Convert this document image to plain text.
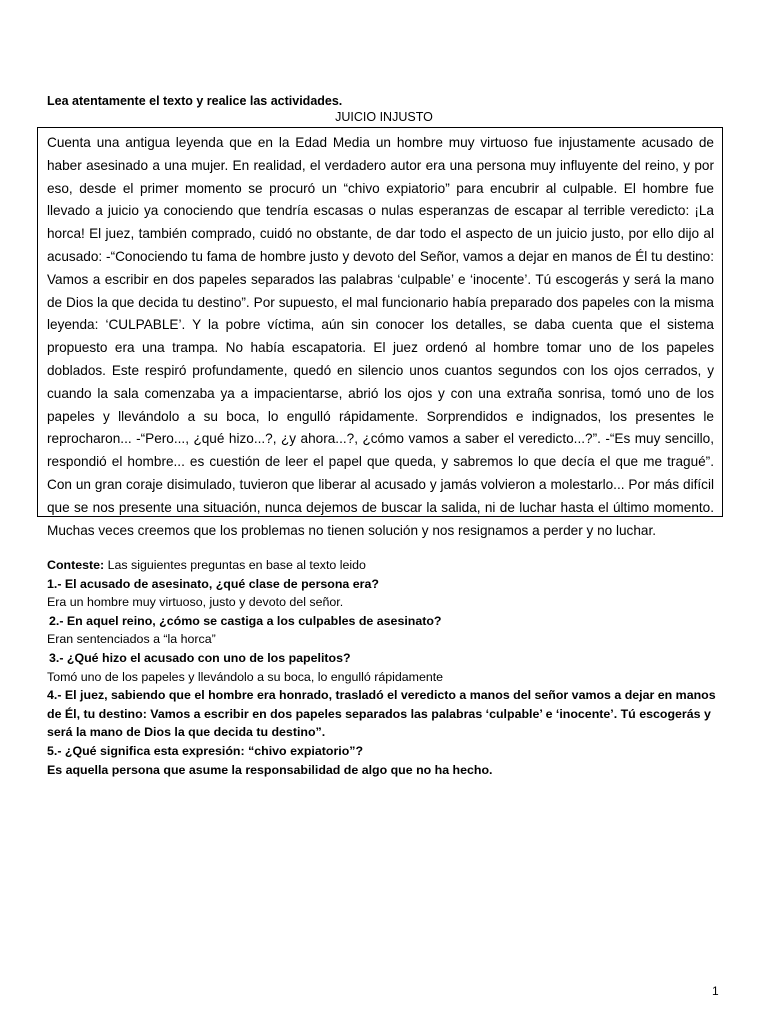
Lea atentamente el texto y realice las actividades.
JUICIO INJUSTO

Cuenta una antigua leyenda que en la Edad Media un hombre muy virtuoso fue injustamente acusado de haber asesinado a una mujer. En realidad, el verdadero autor era una persona muy influyente del reino, y por eso, desde el primer momento se procuró un “chivo expiatorio” para encubrir al culpable. El hombre fue llevado a juicio ya conociendo que tendría escasas o nulas esperanzas de escapar al terrible veredicto: ¡La horca! El juez, también comprado, cuidó no obstante, de dar todo el aspecto de un juicio justo, por ello dijo al acusado: -“Conociendo tu fama de hombre justo y devoto del Señor, vamos a dejar en manos de Él tu destino: Vamos a escribir en dos papeles separados las palabras ‘culpable’ e ‘inocente’. Tú escogerás y será la mano de Dios la que decida tu destino”. Por supuesto, el mal funcionario había preparado dos papeles con la misma leyenda: ‘CULPABLE’. Y la pobre víctima, aún sin conocer los detalles, se daba cuenta que el sistema propuesto era una trampa. No había escapatoria. El juez ordenó al hombre tomar uno de los papeles doblados. Este respiró profundamente, quedó en silencio unos cuantos segundos con los ojos cerrados, y cuando la sala comenzaba ya a impacientarse, abrió los ojos y con una extraña sonrisa, tomó uno de los papeles y llevándolo a su boca, lo engulló rápidamente. Sorprendidos e indignados, los presentes le reprocharon... -“Pero..., ¿qué hizo...?, ¿y ahora...?, ¿cómo vamos a saber el veredicto...?”. -“Es muy sencillo, respondió el hombre... es cuestión de leer el papel que queda, y sabremos lo que decía el que me tragué”. Con un gran coraje disimulado, tuvieron que liberar al acusado y jamás volvieron a molestarlo... Por más difícil que se nos presente una situación, nunca dejemos de buscar la salida, ni de luchar hasta el último momento. Muchas veces creemos que los problemas no tienen solución y nos resignamos a perder y no luchar.

Conteste: Las siguientes preguntas en base al texto leido
1.- El acusado de asesinato, ¿qué clase de persona era?
Era un hombre muy virtuoso, justo y devoto del señor.
2.- En aquel reino, ¿cómo se castiga a los culpables de asesinato?
Eran sentenciados a “la horca”
3.- ¿Qué hizo el acusado con uno de los papelitos?
Tomó uno de los papeles y llevándolo a su boca, lo engulló rápidamente
4.- El juez, sabiendo que el hombre era honrado, trasladó el veredicto a manos del señor vamos a dejar en manos de Él, tu destino: Vamos a escribir en dos papeles separados las palabras ‘culpable’ e ‘inocente’. Tú escogerás y será la mano de Dios la que decida tu destino”.
5.- ¿Qué significa esta expresión: “chivo expiatorio”?
Es aquella persona que asume la responsabilidad de algo que no ha hecho.
1
